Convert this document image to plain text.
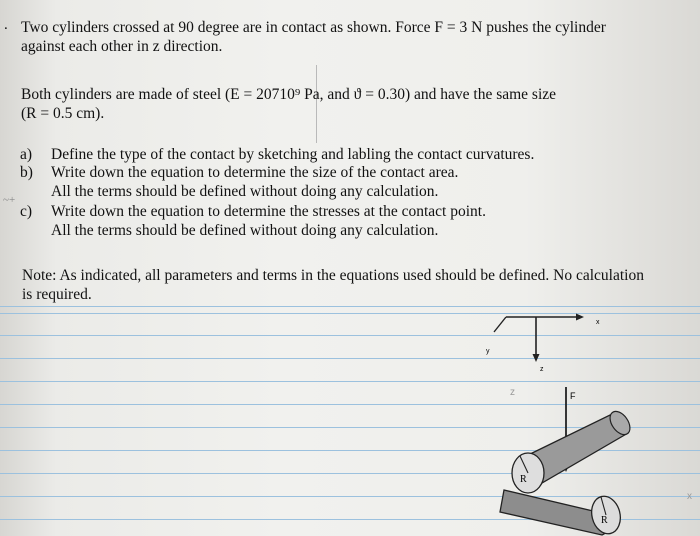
. Two cylinders crossed at 90 degree are in contact as shown. Force F = 3 N pushes the cylinder
against each other in z direction.
Both cylinders are made of steel (E = 20710⁹ Pa, and ϑ = 0.30) and have the same size
(R = 0.5 cm).
a) Define the type of the contact by sketching and labling the contact curvatures.
b) Write down the equation to determine the size of the contact area.
All the terms should be defined without doing any calculation.
c) Write down the equation to determine the stresses at the contact point.
All the terms should be defined without doing any calculation.
~+
Note: As indicated, all parameters and terms in the equations used should be defined. No calculation
is required.
x
y
z
z	F
R
R
x
